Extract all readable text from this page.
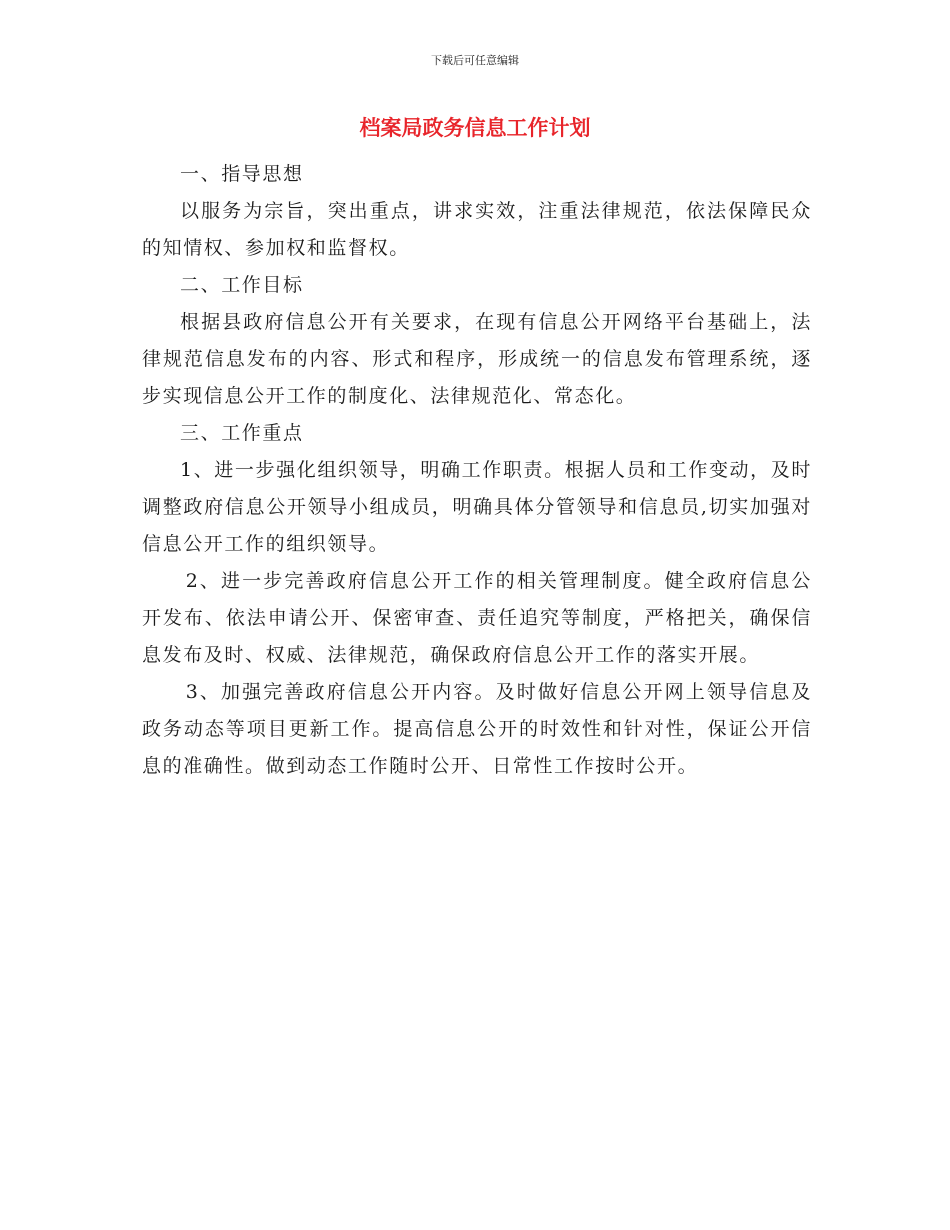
下载后可任意编辑
档案局政务信息工作计划

一、指导思想

以服务为宗旨，突出重点，讲求实效，注重法律规范，依法保障民众的知情权、参加权和监督权。

二、工作目标

根据县政府信息公开有关要求，在现有信息公开网络平台基础上，法律规范信息发布的内容、形式和程序，形成统一的信息发布管理系统，逐步实现信息公开工作的制度化、法律规范化、常态化。

三、工作重点

1、进一步强化组织领导，明确工作职责。根据人员和工作变动，及时调整政府信息公开领导小组成员，明确具体分管领导和信息员,切实加强对信息公开工作的组织领导。

2、进一步完善政府信息公开工作的相关管理制度。健全政府信息公开发布、依法申请公开、保密审查、责任追究等制度，严格把关，确保信息发布及时、权威、法律规范，确保政府信息公开工作的落实开展。

3、加强完善政府信息公开内容。及时做好信息公开网上领导信息及政务动态等项目更新工作。提高信息公开的时效性和针对性，保证公开信息的准确性。做到动态工作随时公开、日常性工作按时公开。
